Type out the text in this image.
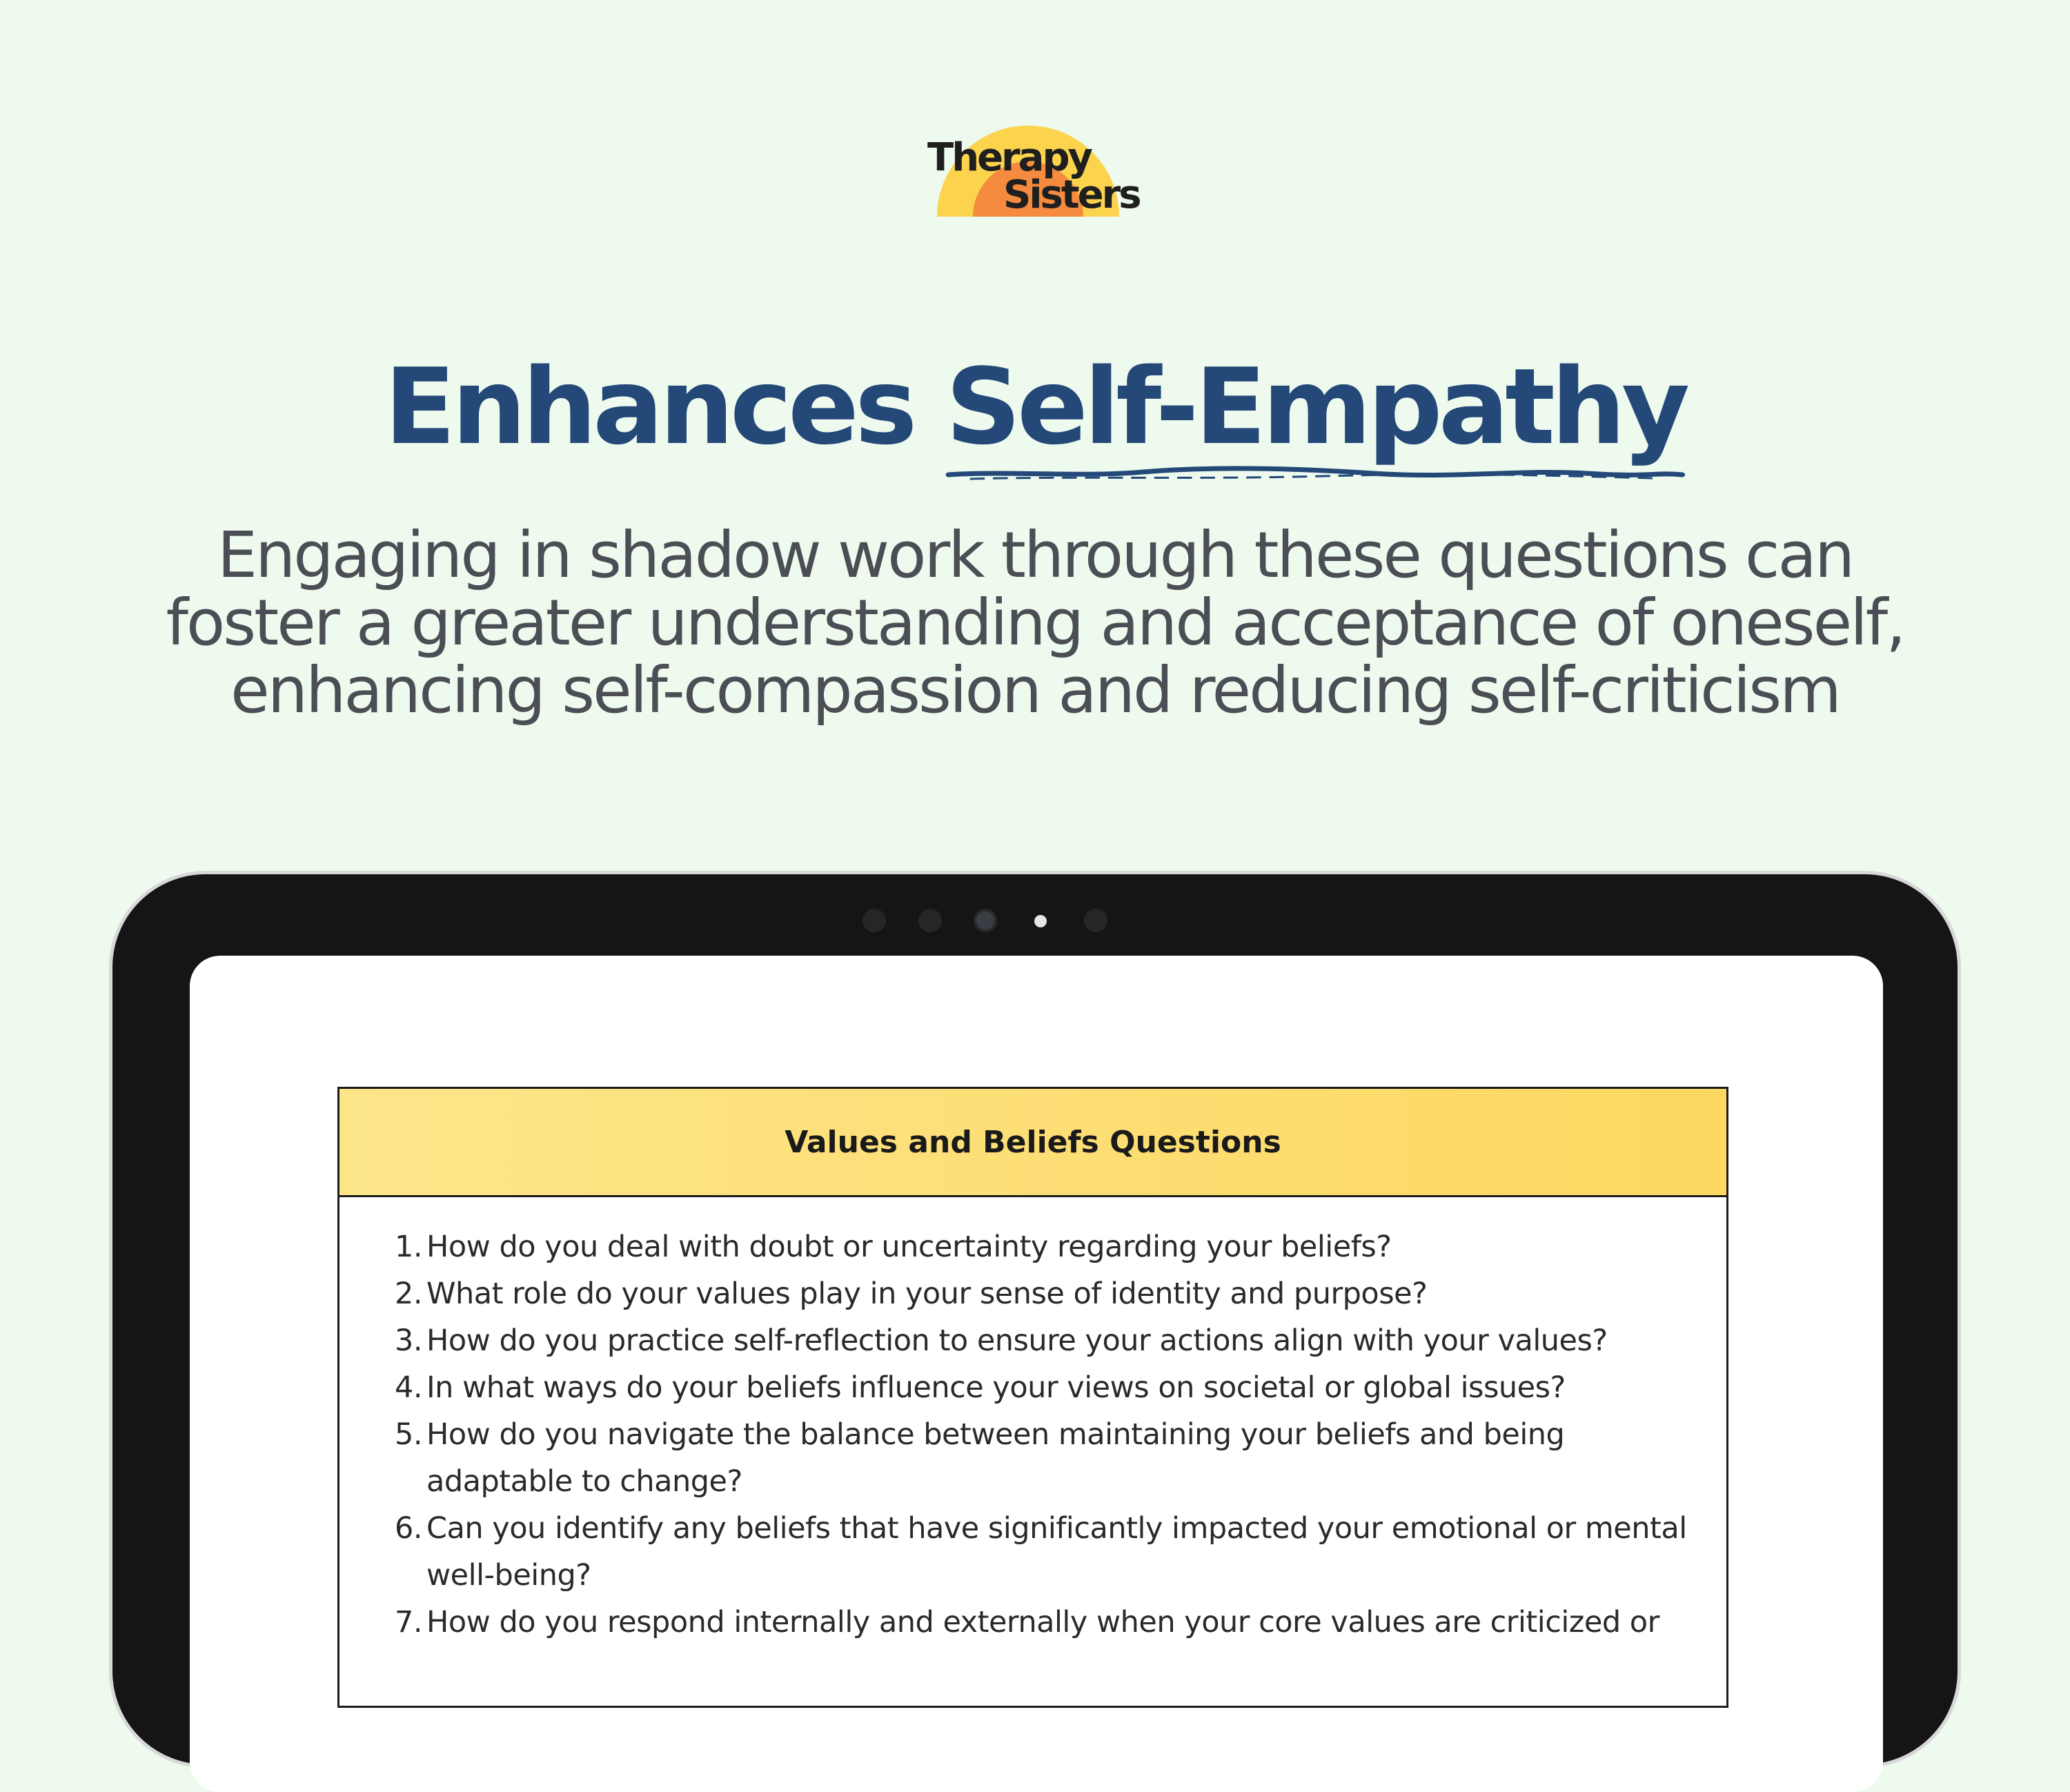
Therapy
Sisters

Enhances Self-Empathy

Engaging in shadow work through these questions can foster a greater understanding and acceptance of oneself, enhancing self-compassion and reducing self-criticism

Values and Beliefs Questions
1. How do you deal with doubt or uncertainty regarding your beliefs?
2. What role do your values play in your sense of identity and purpose?
3. How do you practice self-reflection to ensure your actions align with your values?
4. In what ways do your beliefs influence your views on societal or global issues?
5. How do you navigate the balance between maintaining your beliefs and being adaptable to change?
6. Can you identify any beliefs that have significantly impacted your emotional or mental well-being?
7. How do you respond internally and externally when your core values are criticized or
